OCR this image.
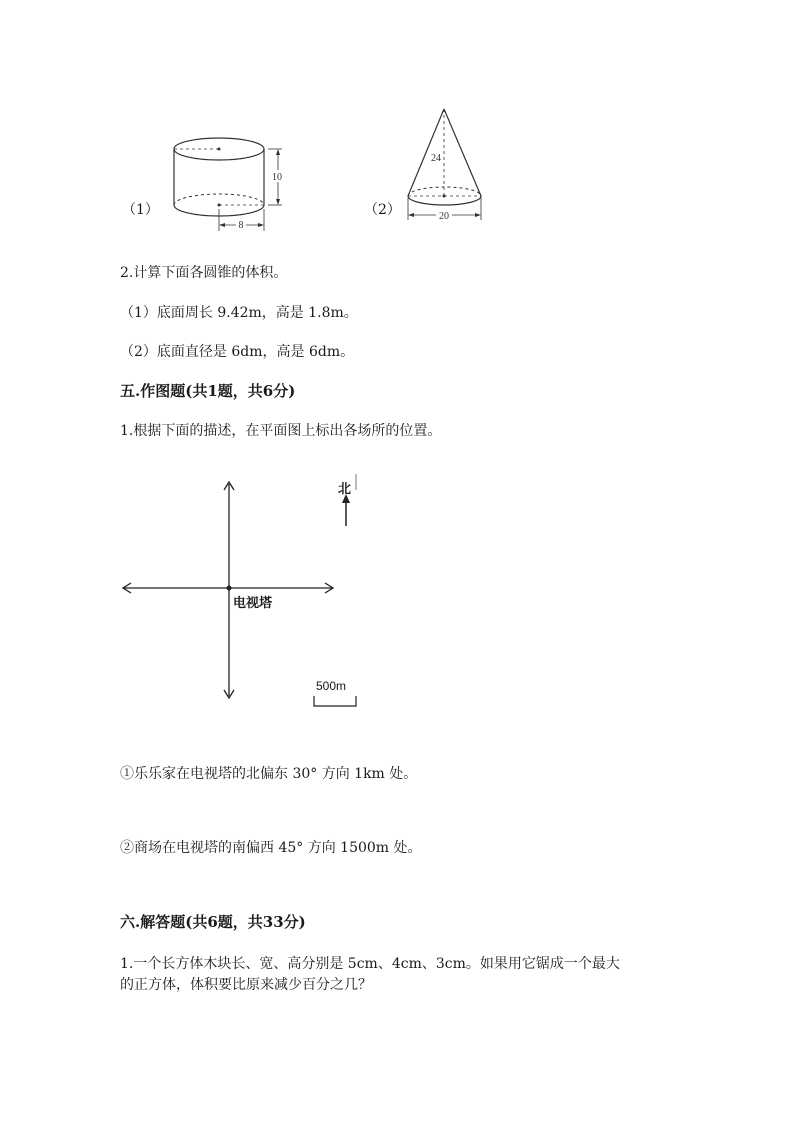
（1）
10
8
（2）
24
20
2.计算下面各圆锥的体积。
（1）底面周长 9.42m，高是 1.8m。
（2）底面直径是 6dm，高是 6dm。
五.作图题(共1题，共6分)
1.根据下面的描述，在平面图上标出各场所的位置。
北
电视塔
500m
①乐乐家在电视塔的北偏东 30° 方向 1km 处。
②商场在电视塔的南偏西 45° 方向 1500m 处。
六.解答题(共6题，共33分)
1.一个长方体木块长、宽、高分别是 5cm、4cm、3cm。如果用它锯成一个最大
的正方体，体积要比原来减少百分之几？
